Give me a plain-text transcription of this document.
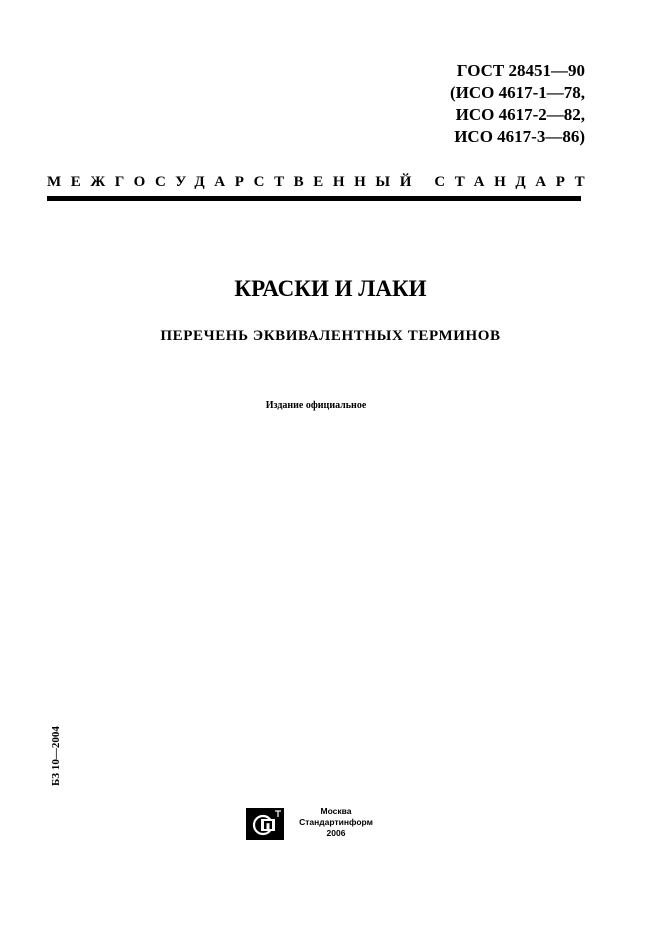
ГОСТ 28451—90
(ИСО 4617-1—78,
ИСО 4617-2—82,
ИСО 4617-3—86)
МЕЖГОСУДАРСТВЕННЫЙ СТАНДАРТ
КРАСКИ И ЛАКИ
ПЕРЕЧЕНЬ ЭКВИВАЛЕНТНЫХ ТЕРМИНОВ
Издание официальное
БЗ 10—2004
Москва
Стандартинформ
2006
